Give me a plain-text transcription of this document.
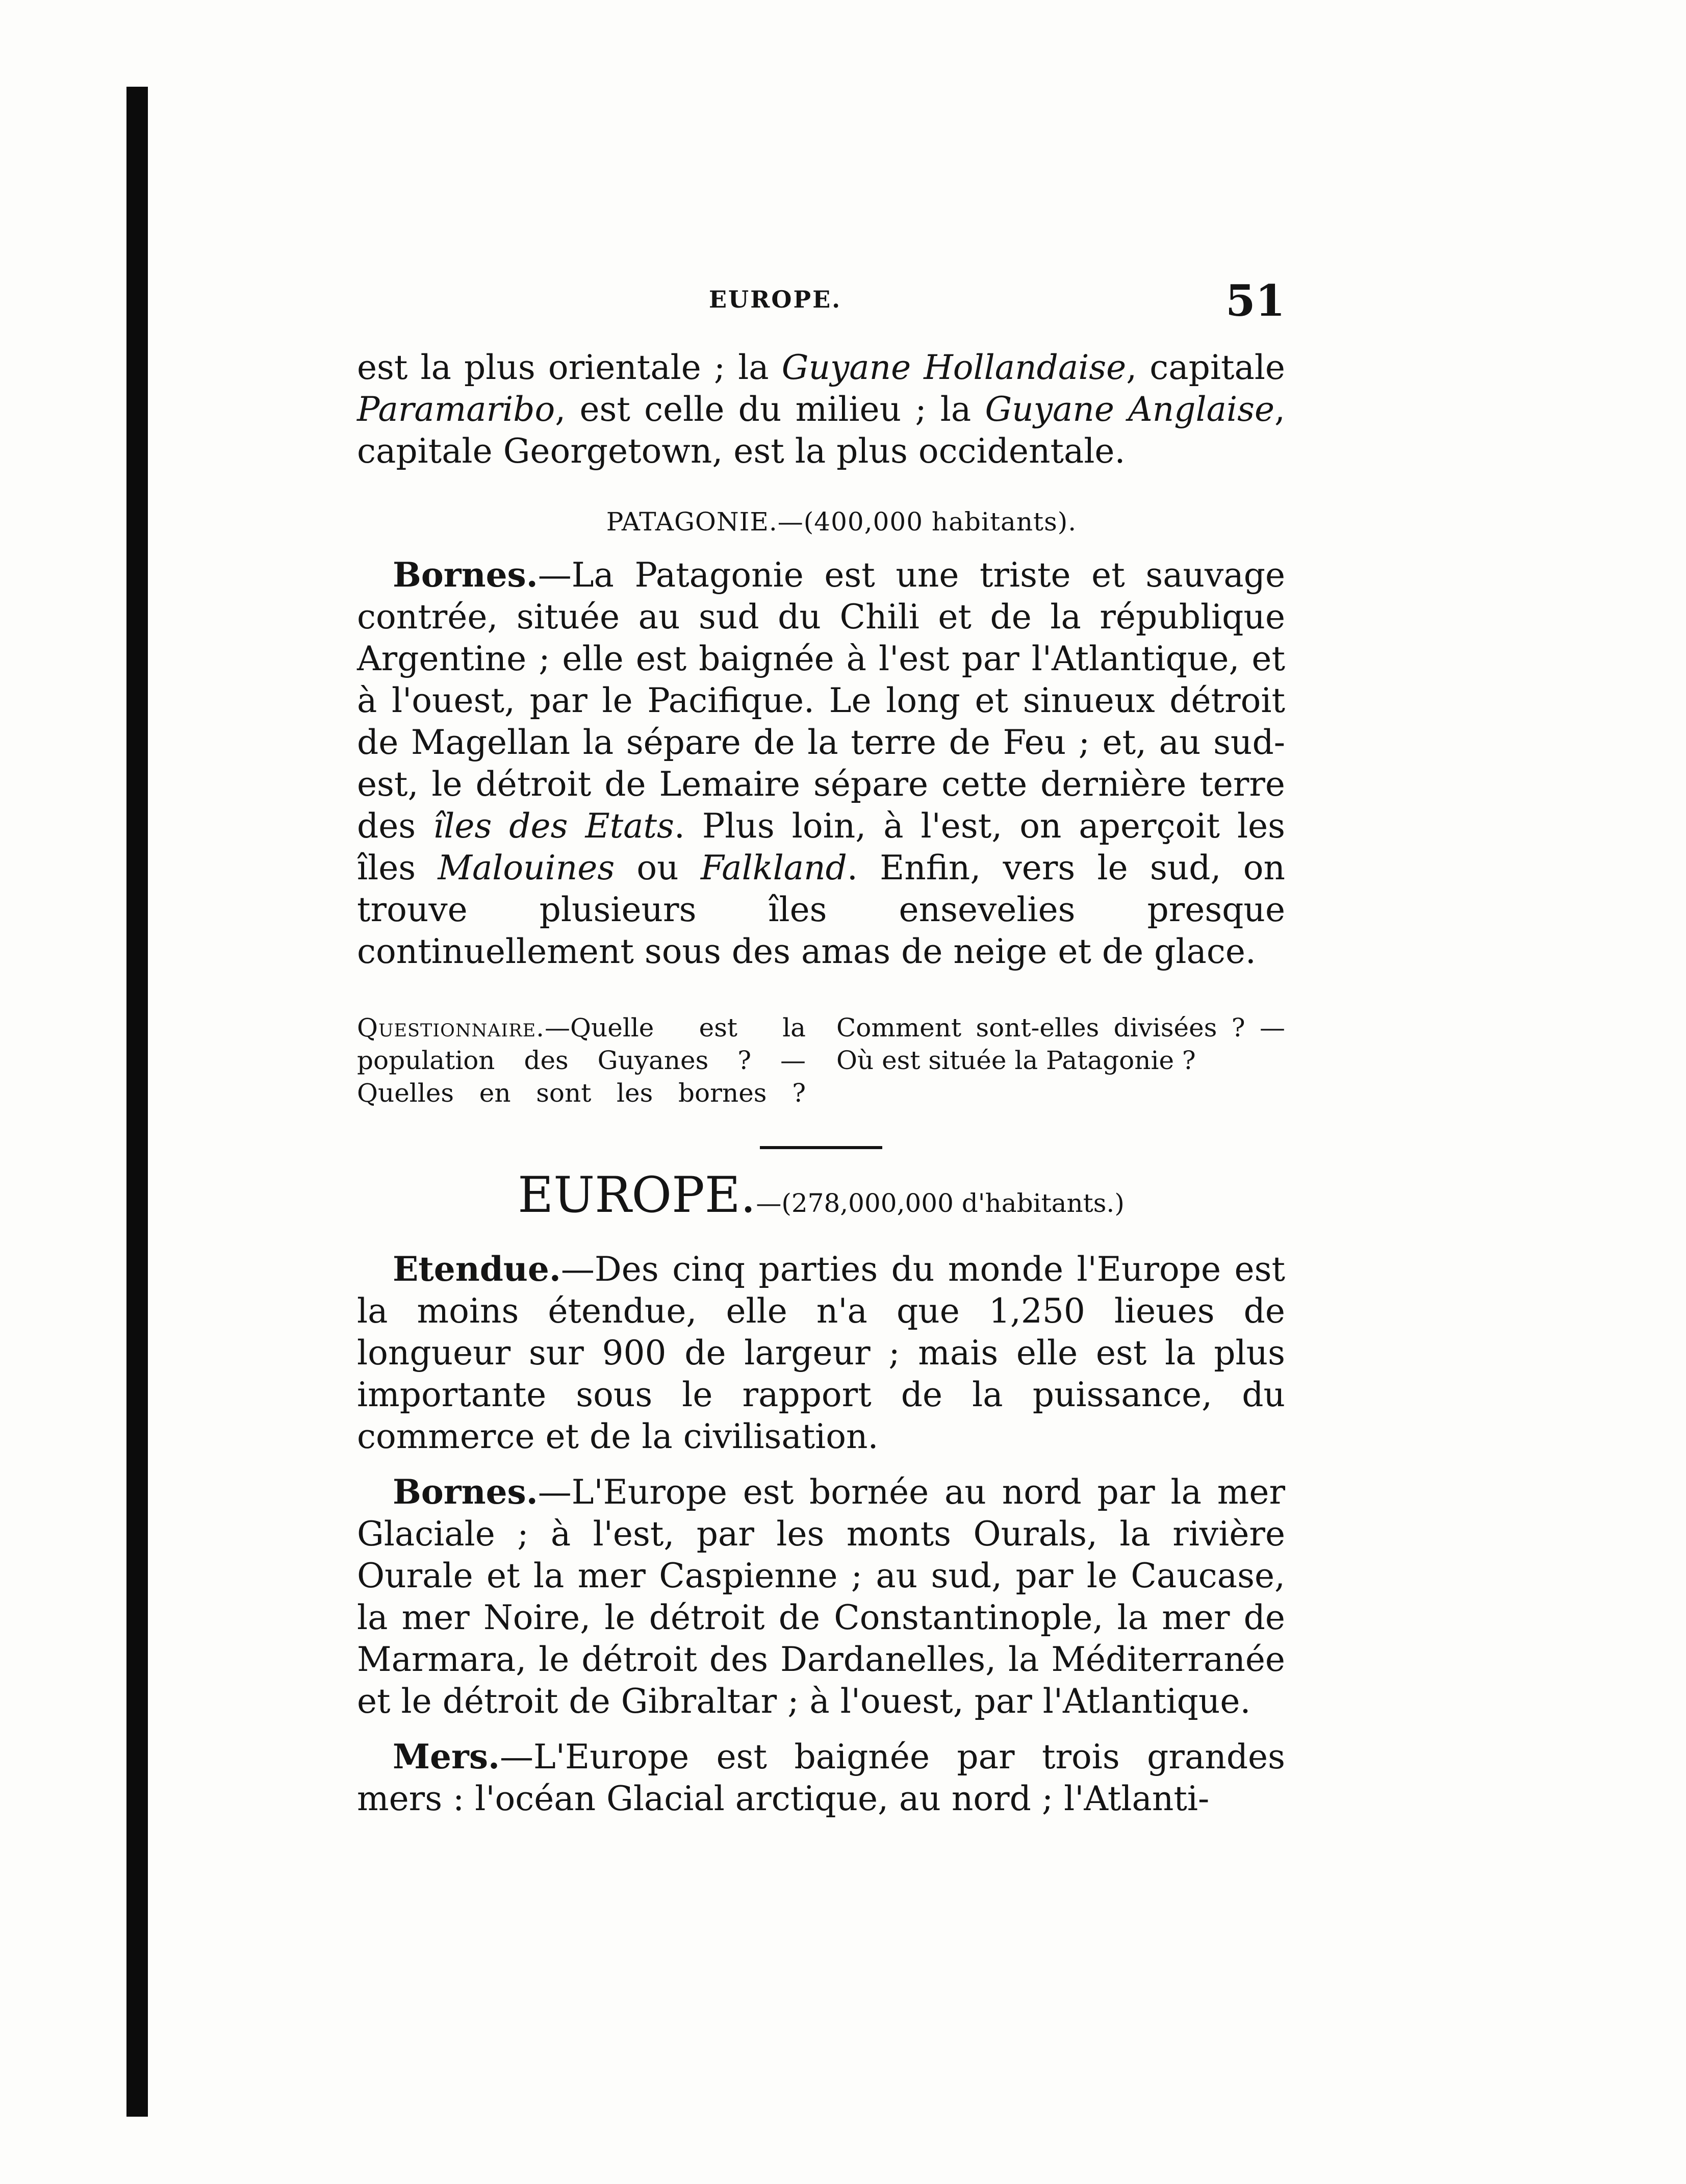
EUROPE.	51

est la plus orientale ; la Guyane Hollandaise, capitale Paramaribo, est celle du milieu ; la Guyane Anglaise, capitale Georgetown, est la plus occidentale.

PATAGONIE.—(400,000 habitants).

Bornes.—La Patagonie est une triste et sauvage contrée, située au sud du Chili et de la république Argentine ; elle est baignée à l'est par l'Atlantique, et à l'ouest, par le Pacifique. Le long et sinueux détroit de Magellan la sépare de la terre de Feu ; et, au sud-est, le détroit de Lemaire sépare cette dernière terre des îles des Etats. Plus loin, à l'est, on aperçoit les îles Malouines ou Falkland. Enfin, vers le sud, on trouve plusieurs îles ensevelies presque continuellement sous des amas de neige et de glace.

Questionnaire.—Quelle est la population des Guyanes ? —Quelles en sont les bornes ? Comment sont-elles divisées ? —Où est située la Patagonie ?
EUROPE.—(278,000,000 d'habitants.)

Etendue.—Des cinq parties du monde l'Europe est la moins étendue, elle n'a que 1,250 lieues de longueur sur 900 de largeur ; mais elle est la plus importante sous le rapport de la puissance, du commerce et de la civilisation.

Bornes.—L'Europe est bornée au nord par la mer Glaciale ; à l'est, par les monts Ourals, la rivière Ourale et la mer Caspienne ; au sud, par le Caucase, la mer Noire, le détroit de Constantinople, la mer de Marmara, le détroit des Dardanelles, la Méditerranée et le détroit de Gibraltar ; à l'ouest, par l'Atlantique.

Mers.—L'Europe est baignée par trois grandes mers : l'océan Glacial arctique, au nord ; l'Atlanti-
